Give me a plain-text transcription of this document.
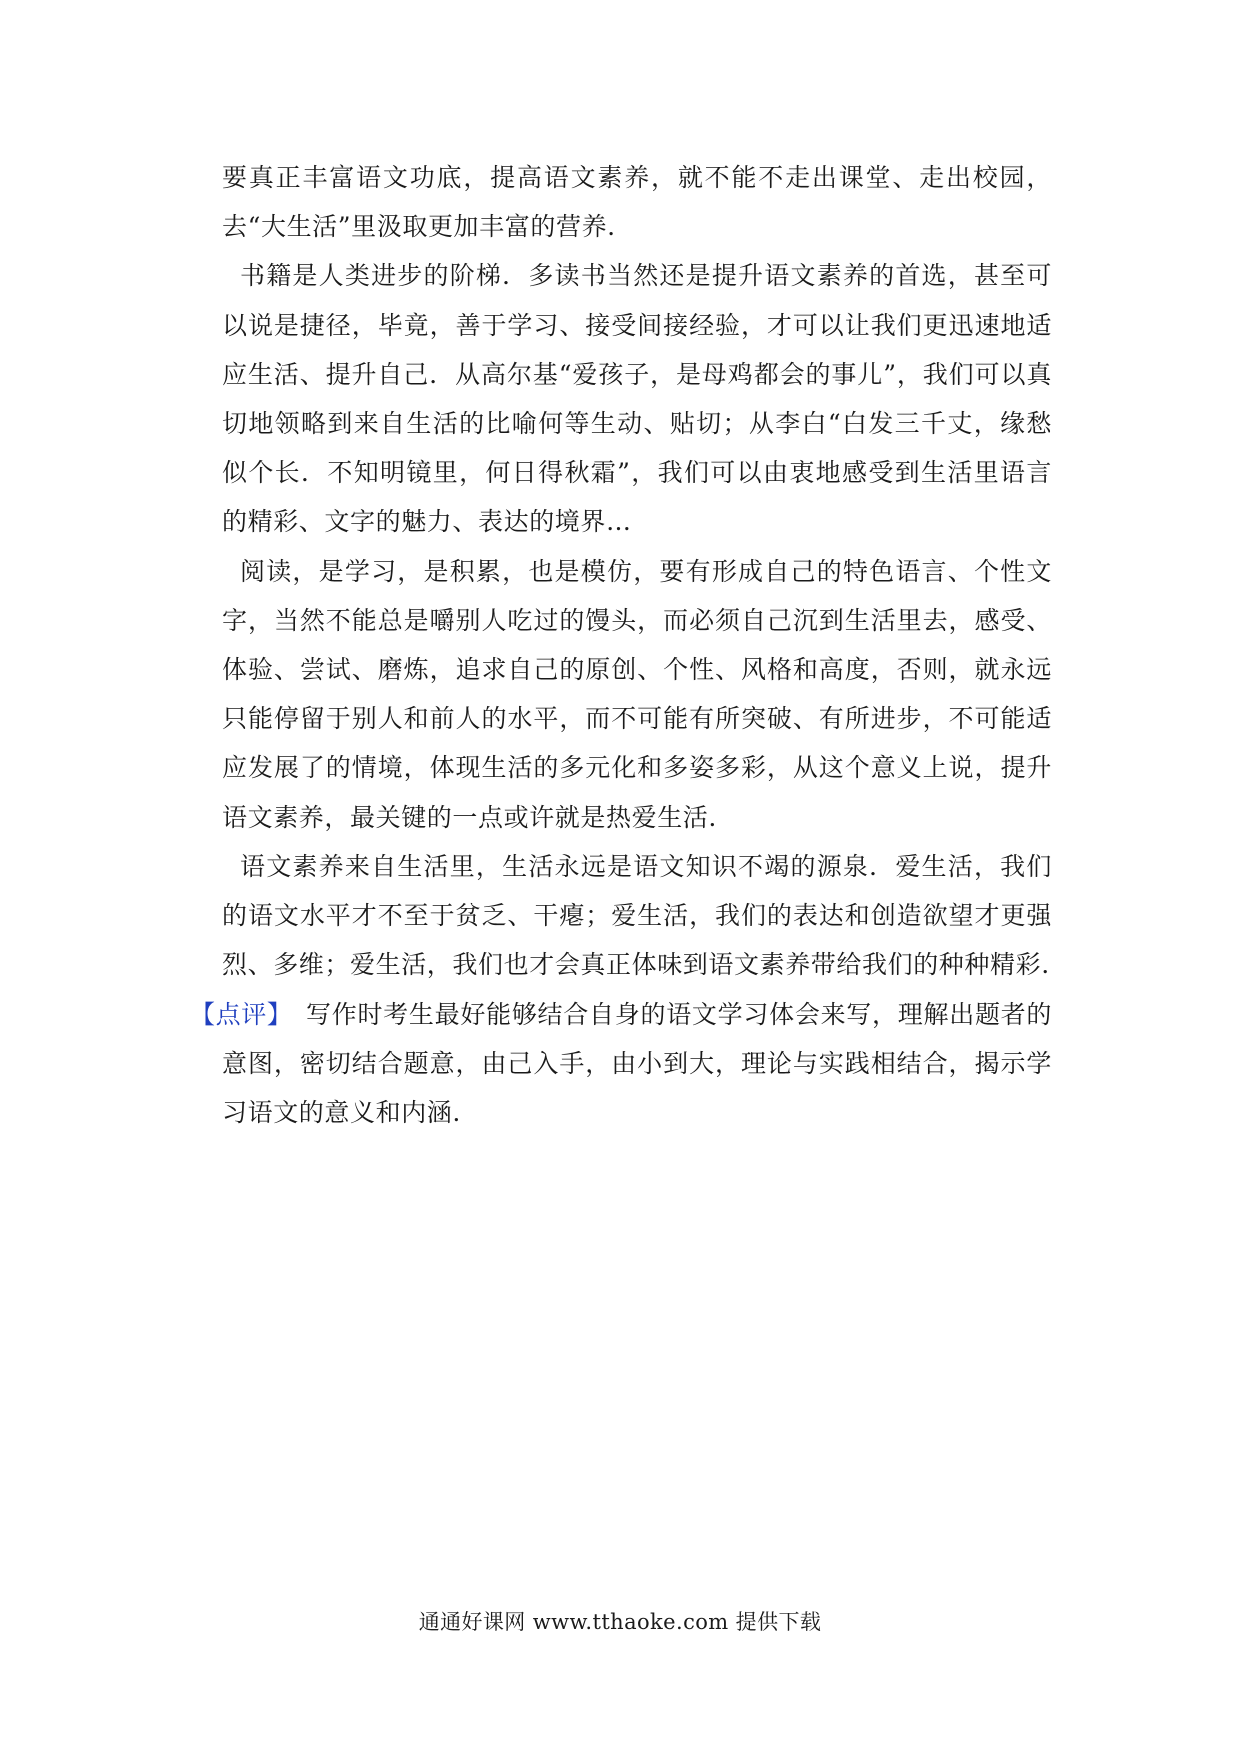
要真正丰富语文功底，提高语文素养，就不能不走出课堂、走出校园，去“大生活”里汲取更加丰富的营养.

书籍是人类进步的阶梯．多读书当然还是提升语文素养的首选，甚至可以说是捷径，毕竟，善于学习、接受间接经验，才可以让我们更迅速地适应生活、提升自己．从高尔基“爱孩子，是母鸡都会的事儿”，我们可以真切地领略到来自生活的比喻何等生动、贴切；从李白“白发三千丈，缘愁似个长．不知明镜里，何日得秋霜”，我们可以由衷地感受到生活里语言的精彩、文字的魅力、表达的境界…

阅读，是学习，是积累，也是模仿，要有形成自己的特色语言、个性文字，当然不能总是嚼别人吃过的馒头，而必须自己沉到生活里去，感受、体验、尝试、磨炼，追求自己的原创、个性、风格和高度，否则，就永远只能停留于别人和前人的水平，而不可能有所突破、有所进步，不可能适应发展了的情境，体现生活的多元化和多姿多彩，从这个意义上说，提升语文素养，最关键的一点或许就是热爱生活.

语文素养来自生活里，生活永远是语文知识不竭的源泉．爱生活，我们的语文水平才不至于贫乏、干瘪；爱生活，我们的表达和创造欲望才更强烈、多维；爱生活，我们也才会真正体味到语文素养带给我们的种种精彩.

【点评】 写作时考生最好能够结合自身的语文学习体会来写，理解出题者的意图，密切结合题意，由己入手，由小到大，理论与实践相结合，揭示学习语文的意义和内涵.
通通好课网 www.tthaoke.com 提供下载
